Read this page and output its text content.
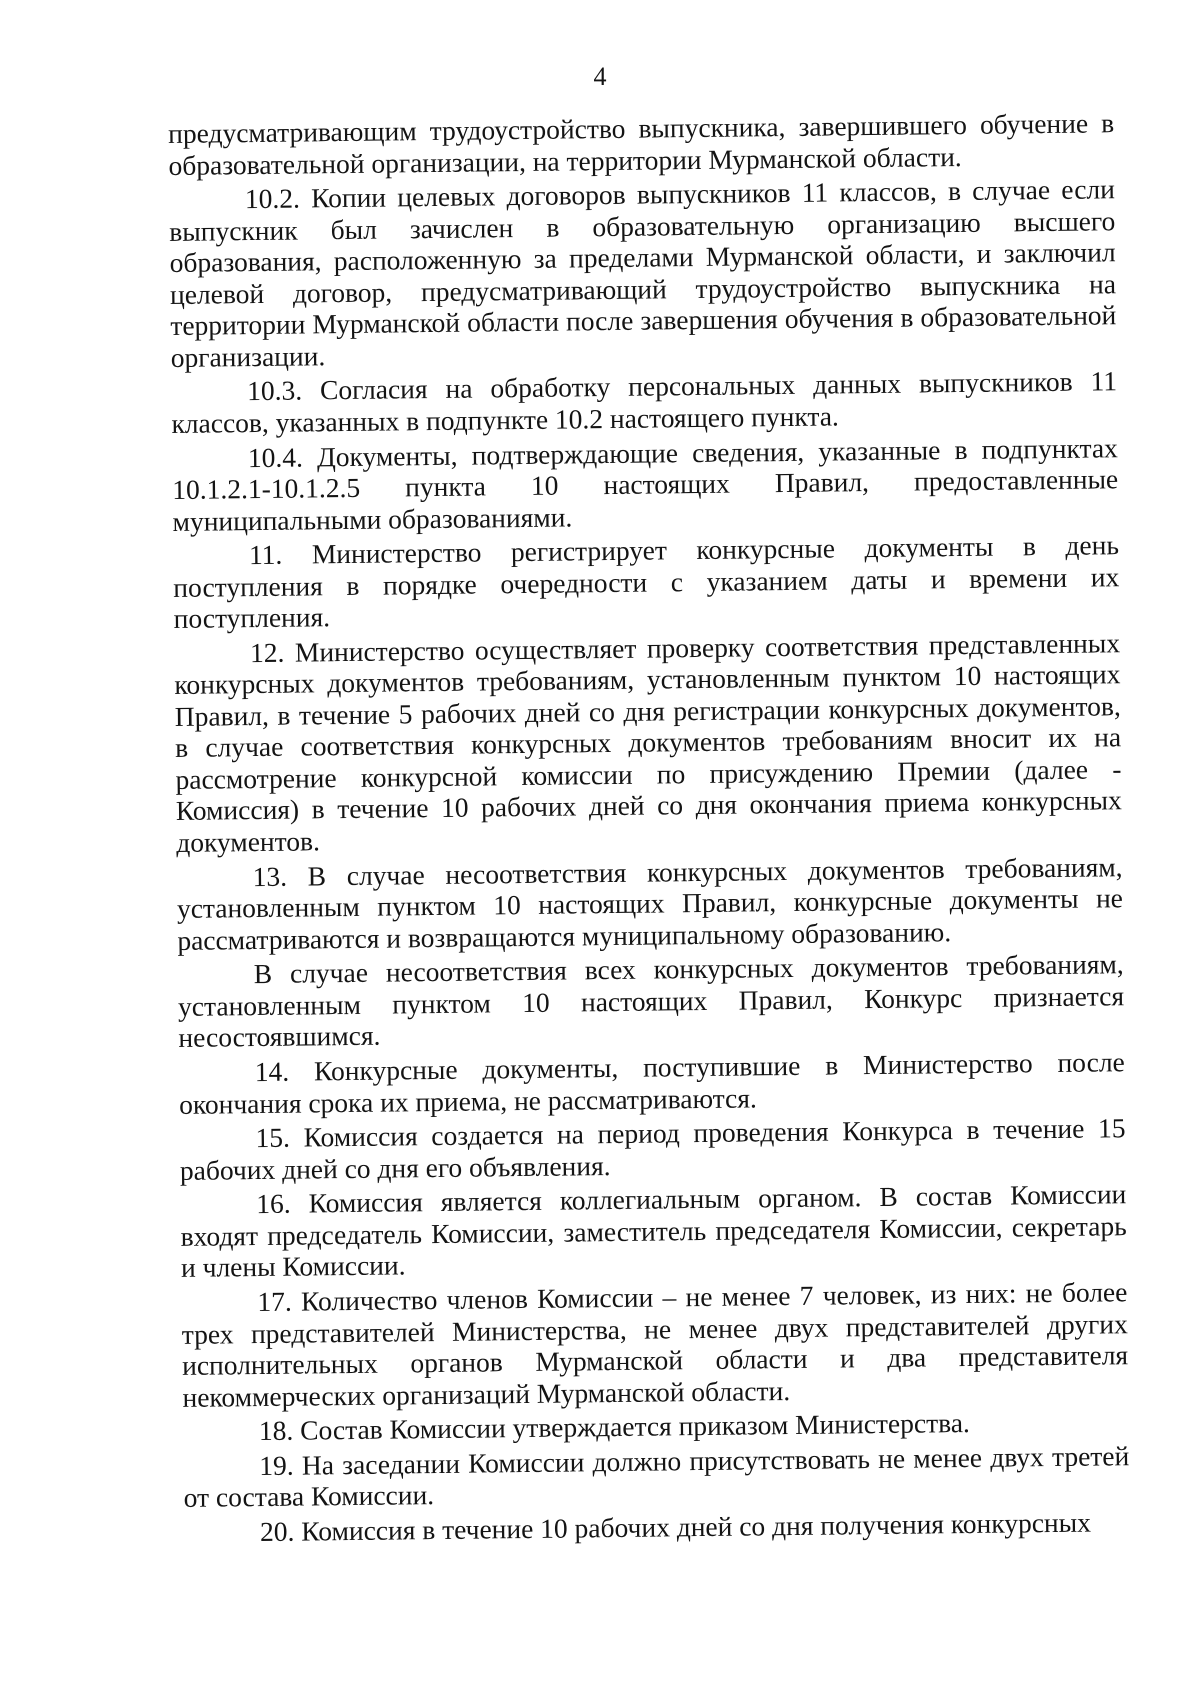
4

предусматривающим трудоустройство выпускника, завершившего обучение в образовательной организации, на территории Мурманской области.

10.2. Копии целевых договоров выпускников 11 классов, в случае если выпускник был зачислен в образовательную организацию высшего образования, расположенную за пределами Мурманской области, и заключил целевой договор, предусматривающий трудоустройство выпускника на территории Мурманской области после завершения обучения в образовательной организации.

10.3. Согласия на обработку персональных данных выпускников 11 классов, указанных в подпункте 10.2 настоящего пункта.

10.4. Документы, подтверждающие сведения, указанные в подпунктах 10.1.2.1-10.1.2.5 пункта 10 настоящих Правил, предоставленные муниципальными образованиями.

11. Министерство регистрирует конкурсные документы в день поступления в порядке очередности с указанием даты и времени их поступления.

12. Министерство осуществляет проверку соответствия представленных конкурсных документов требованиям, установленным пунктом 10 настоящих Правил, в течение 5 рабочих дней со дня регистрации конкурсных документов, в случае соответствия конкурсных документов требованиям вносит их на рассмотрение конкурсной комиссии по присуждению Премии (далее - Комиссия) в течение 10 рабочих дней со дня окончания приема конкурсных документов.

13. В случае несоответствия конкурсных документов требованиям, установленным пунктом 10 настоящих Правил, конкурсные документы не рассматриваются и возвращаются муниципальному образованию.

В случае несоответствия всех конкурсных документов требованиям, установленным пунктом 10 настоящих Правил, Конкурс признается несостоявшимся.

14. Конкурсные документы, поступившие в Министерство после окончания срока их приема, не рассматриваются.

15. Комиссия создается на период проведения Конкурса в течение 15 рабочих дней со дня его объявления.

16. Комиссия является коллегиальным органом. В состав Комиссии входят председатель Комиссии, заместитель председателя Комиссии, секретарь и члены Комиссии.

17. Количество членов Комиссии – не менее 7 человек, из них: не более трех представителей Министерства, не менее двух представителей других исполнительных органов Мурманской области и два представителя некоммерческих организаций Мурманской области.

18. Состав Комиссии утверждается приказом Министерства.

19. На заседании Комиссии должно присутствовать не менее двух третей от состава Комиссии.

20. Комиссия в течение 10 рабочих дней со дня получения конкурсных
